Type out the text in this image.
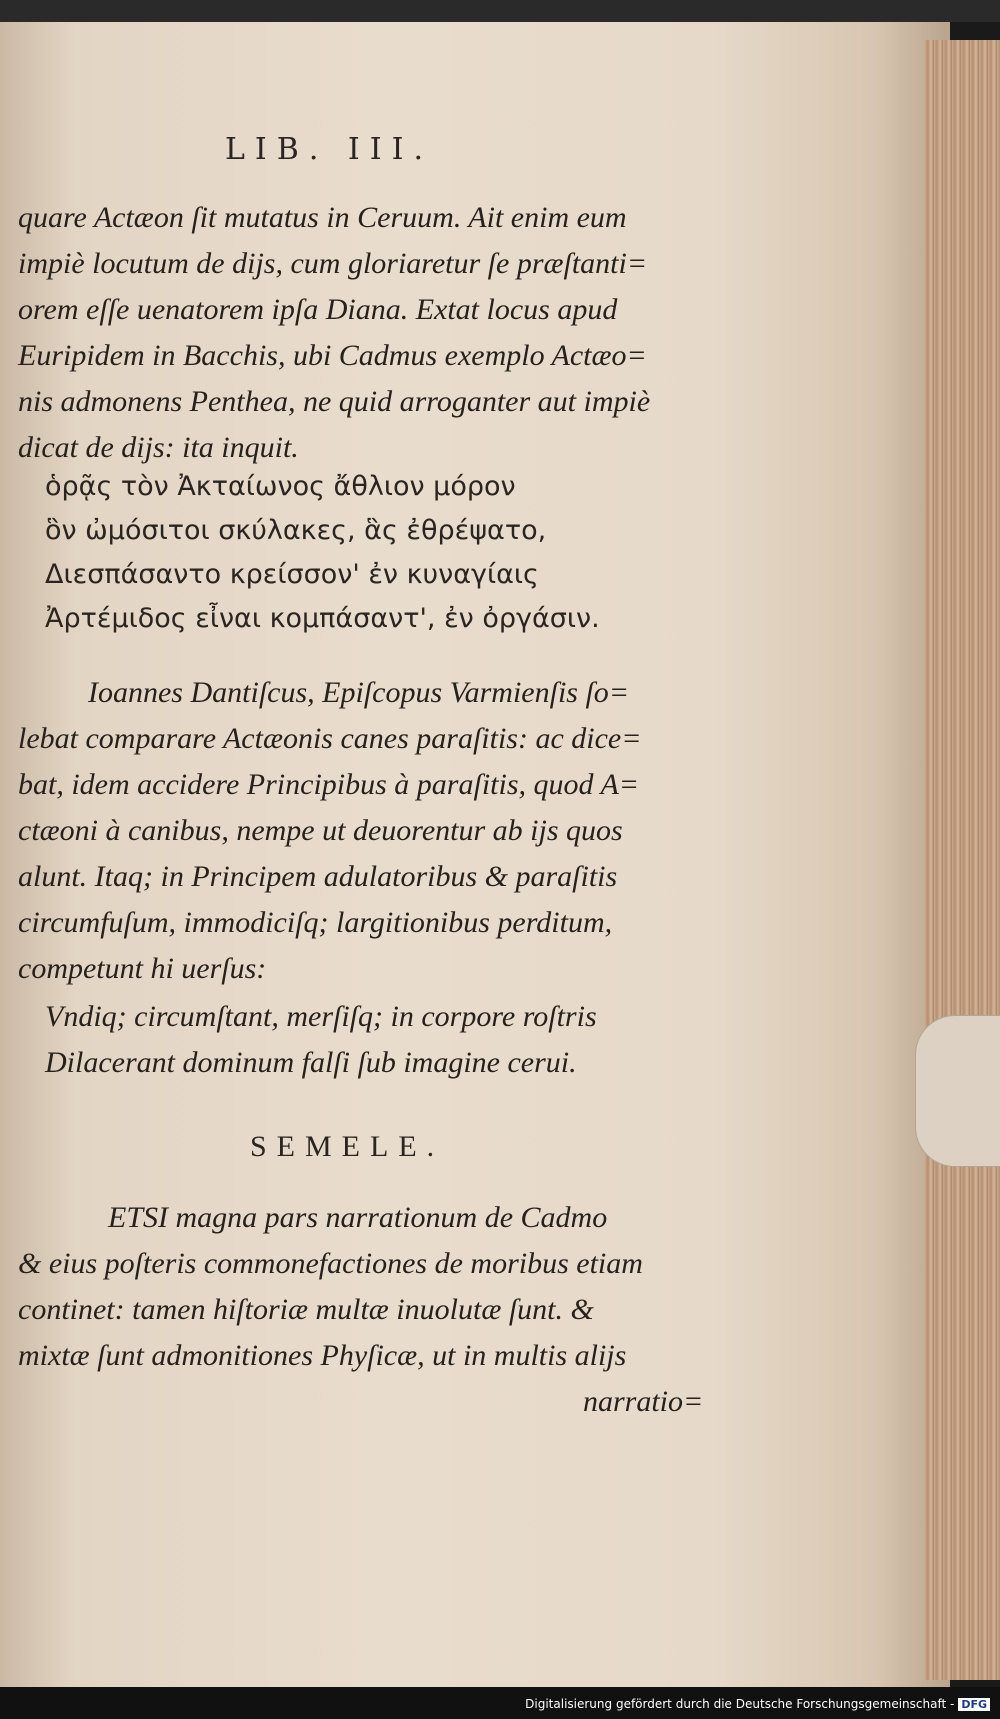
LIB. III.
quare Actæon ſit mutatus in Ceruum. Ait enim eum
impiè locutum de dijs, cum gloriaretur ſe præſtanti=
orem eſſe uenatorem ipſa Diana. Extat locus apud
Euripidem in Bacchis, ubi Cadmus exemplo Actæo=
nis admonens Penthea, ne quid arroganter aut impiè
dicat de dijs: ita inquit.
ὁρᾷς τὸν Ἀκταίωνος ἄθλιον μόρον
ὃν ὠμόσιτοι σκύλακες, ἃς ἐθρέψατο,
Διεσπάσαντο κρείσσον' ἐν κυναγίαις
Ἀρτέμιδος εἶναι κομπάσαντ', ἐν ὀργάσιν.
Ioannes Dantiſcus, Epiſcopus Varmienſis ſo=
lebat comparare Actæonis canes paraſitis: ac dice=
bat, idem accidere Principibus à paraſitis, quod A=
ctæoni à canibus, nempe ut deuorentur ab ijs quos
alunt. Itaq; in Principem adulatoribus & paraſitis
circumfuſum, immodiciſq; largitionibus perditum,
competunt hi uerſus:
Vndiq; circumſtant, merſiſq; in corpore roſtris
Dilacerant dominum falſi ſub imagine cerui.
SEMELE.
ETSI magna pars narrationum de Cadmo
& eius poſteris commonefactiones de moribus etiam
continet: tamen hiſtoriæ multæ inuolutæ ſunt. &
mixtæ ſunt admonitiones Phyſicæ, ut in multis alijs
narratio=
Digitalisierung gefördert durch die Deutsche Forschungsgemeinschaft - DFG
